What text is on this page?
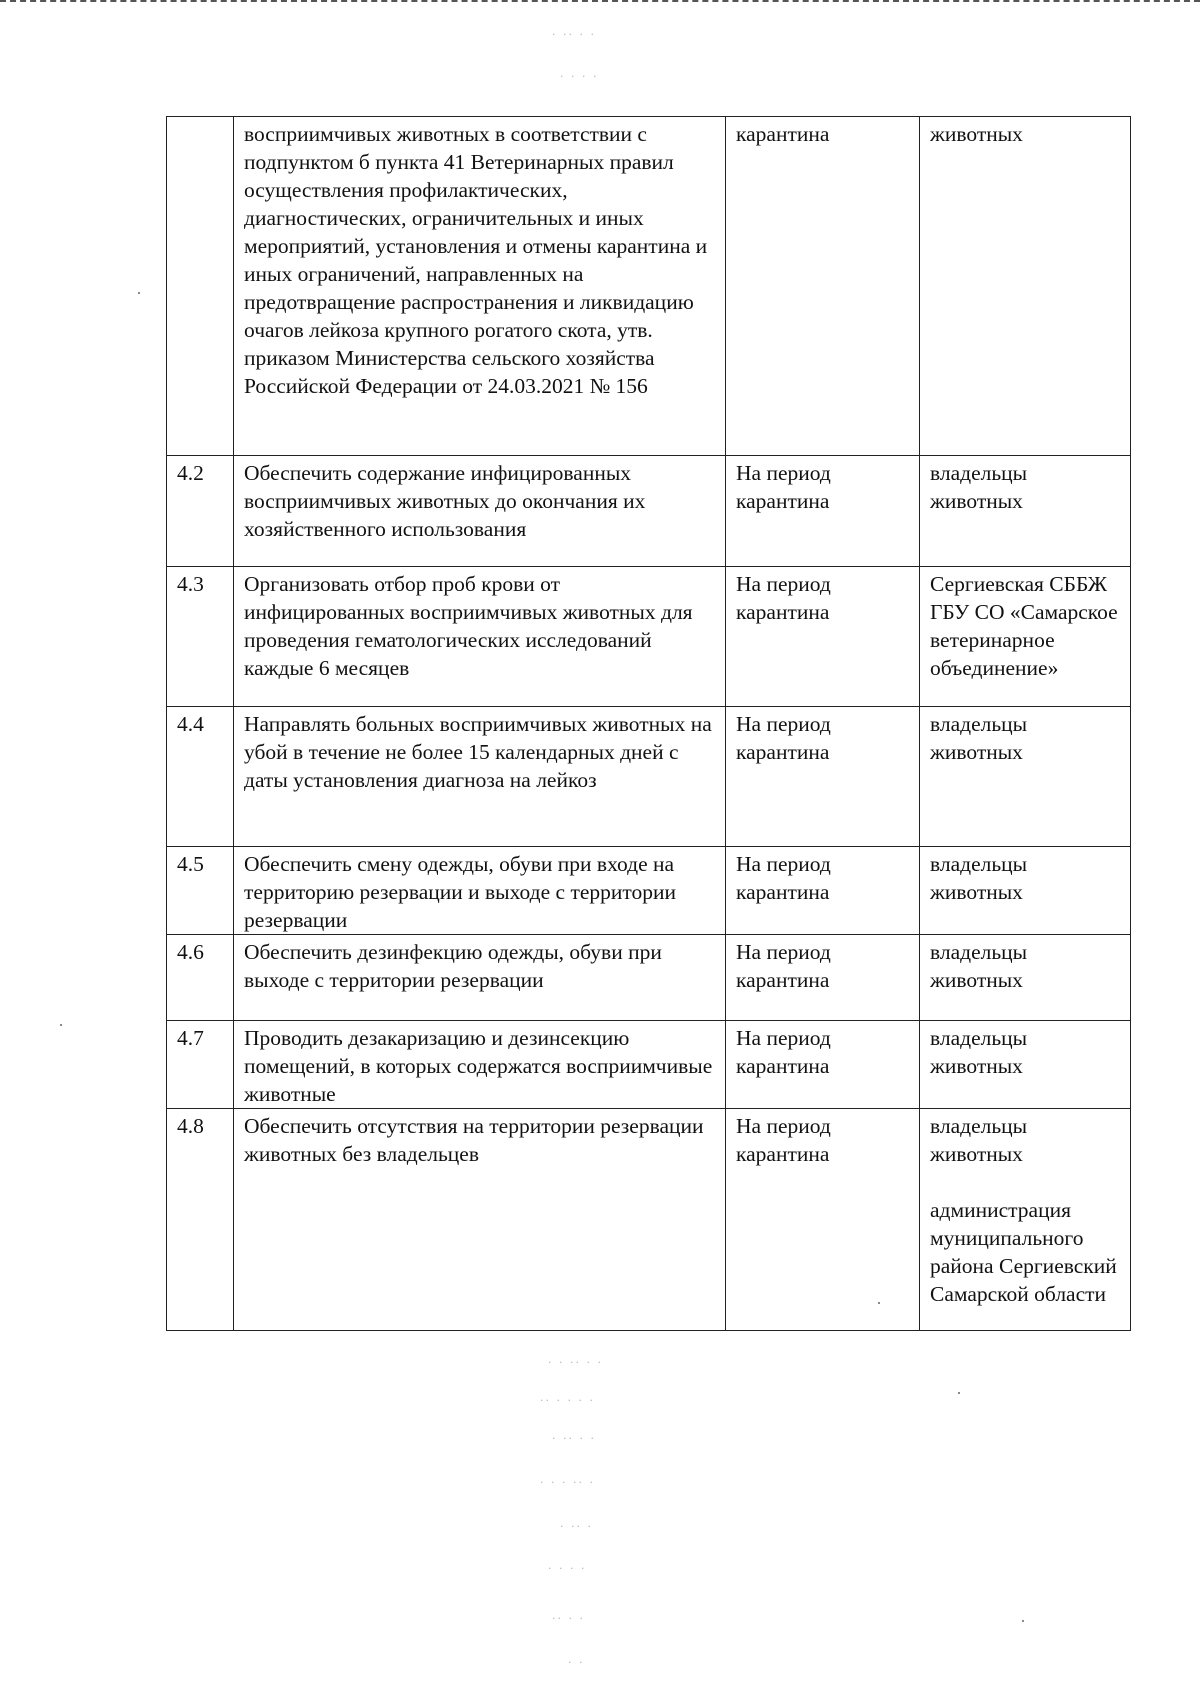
· ·· · ·
· · · ·
· · ·· · ·
·· · · · ·
· ·· · ·
· · · ·· ·
· ·· ·
· · · ·
·· · ·
· ·
	восприимчивых животных в соответствии с подпунктом б пункта 41 Ветеринарных правил осуществления профилактических, диагностических, ограничительных и иных мероприятий, установления и отмены карантина и иных ограничений, направленных на предотвращение распространения и ликвидацию очагов лейкоза крупного рогатого скота, утв. приказом Министерства сельского хозяйства Российской Федерации от 24.03.2021 № 156	карантина	животных

4.2	Обеспечить содержание инфицированных восприимчивых животных до окончания их хозяйственного использования	На период карантина	владельцы животных

4.3	Организовать отбор проб крови от инфицированных восприимчивых животных для проведения гематологических исследований каждые 6 месяцев	На период карантина	Сергиевская СББЖ ГБУ СО «Самарское ветеринарное объединение»

4.4	Направлять больных восприимчивых животных на убой в течение не более 15 календарных дней с даты установления диагноза на лейкоз	На период карантина	владельцы животных

4.5	Обеспечить смену одежды, обуви при входе на территорию резервации и выходе с территории резервации	На период карантина	владельцы животных

4.6	Обеспечить дезинфекцию одежды, обуви при выходе с территории резервации	На период карантина	владельцы животных

4.7	Проводить дезакаризацию и дезинсекцию помещений, в которых содержатся восприимчивые животные	На период карантина	владельцы животных

4.8	Обеспечить отсутствия на территории резервации животных без владельцев	На период карантина	владельцы животных
администрация муниципального района Сергиевский Самарской области
